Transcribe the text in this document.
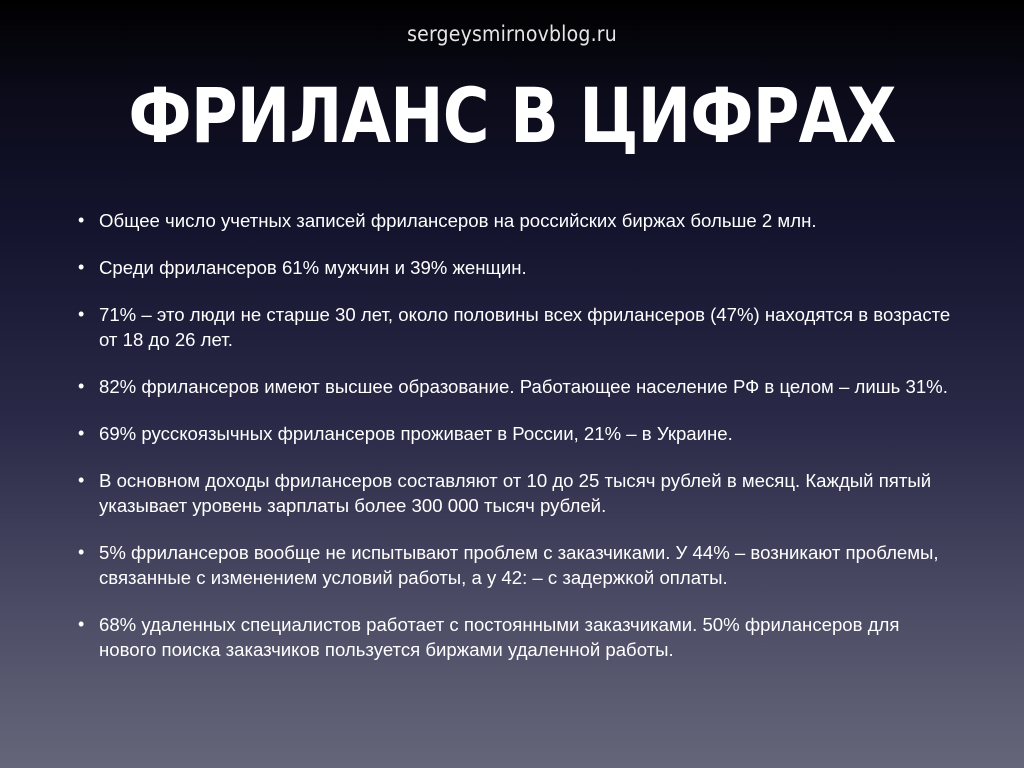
sergeysmirnovblog.ru
ФРИЛАНС В ЦИФРАХ
• Общее число учетных записей фрилансеров на российских биржах больше 2 млн.
• Среди фрилансеров 61% мужчин и 39% женщин.
• 71% – это люди не старше 30 лет, около половины всех фрилансеров (47%) находятся в возрасте от 18 до 26 лет.
• 82% фрилансеров имеют высшее образование. Работающее население РФ в целом – лишь 31%.
• 69% русскоязычных фрилансеров проживает в России, 21% – в Украине.
• В основном доходы фрилансеров составляют от 10 до 25 тысяч рублей в месяц. Каждый пятый указывает уровень зарплаты более 300 000 тысяч рублей.
• 5% фрилансеров вообще не испытывают проблем с заказчиками. У 44% – возникают проблемы, связанные с изменением условий работы, а у 42: – с задержкой оплаты.
• 68% удаленных специалистов работает с постоянными заказчиками. 50% фрилансеров для нового поиска заказчиков пользуется биржами удаленной работы.
